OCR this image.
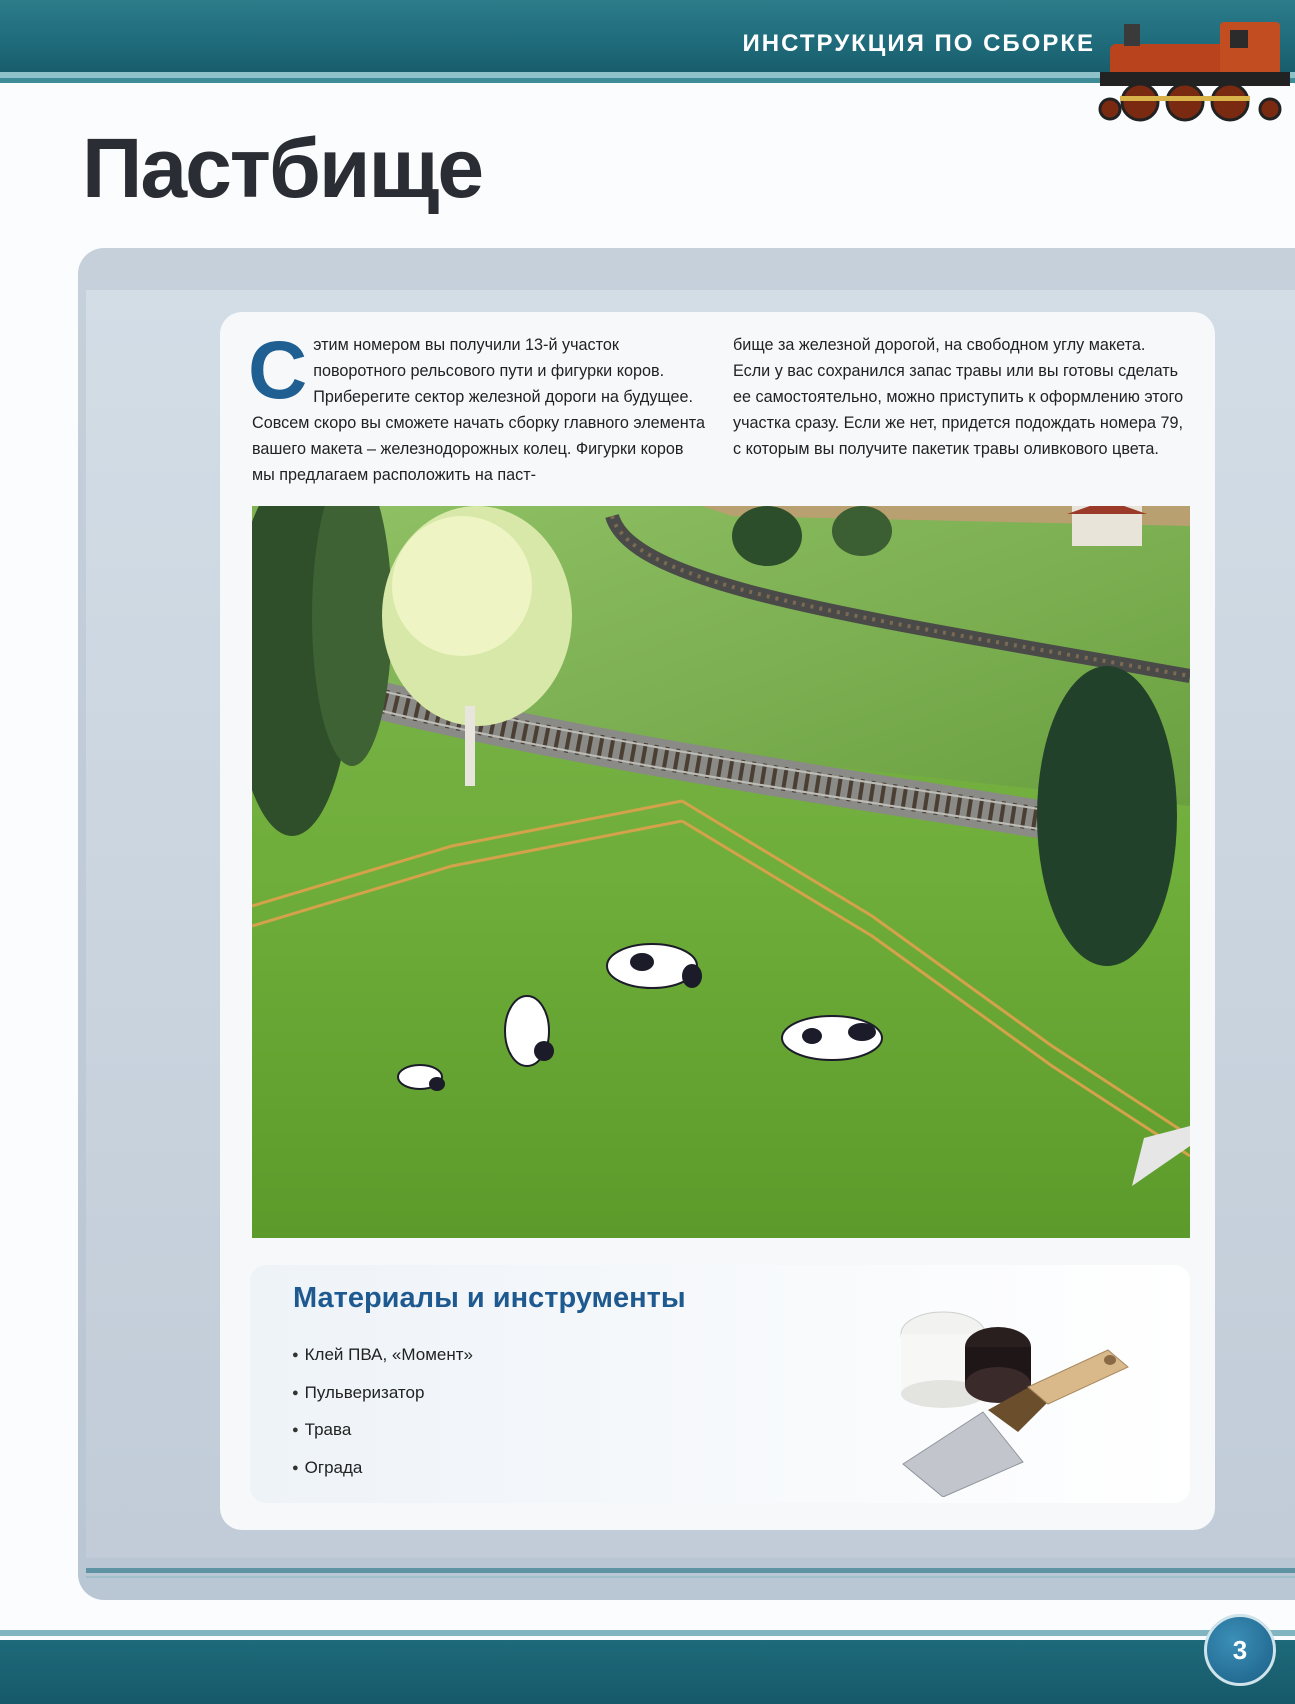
ИНСТРУКЦИЯ ПО СБОРКЕ
Пастбище
С этим номером вы получили 13-й участок поворотного рельсового пути и фигурки коров. Приберегите сектор железной дороги на будущее. Совсем скоро вы сможете начать сборку главного элемента вашего макета – железнодорожных колец. Фигурки коров мы предлагаем расположить на паст-
бище за железной дорогой, на свободном углу макета. Если у вас сохранился запас травы или вы готовы сделать ее самостоятельно, можно приступить к оформлению этого участка сразу. Если же нет, придется подождать номера 79, с которым вы получите пакетик травы оливкового цвета.
Материалы и инструменты
● Клей ПВА, «Момент»
● Пульверизатор
● Трава
● Ограда
3
